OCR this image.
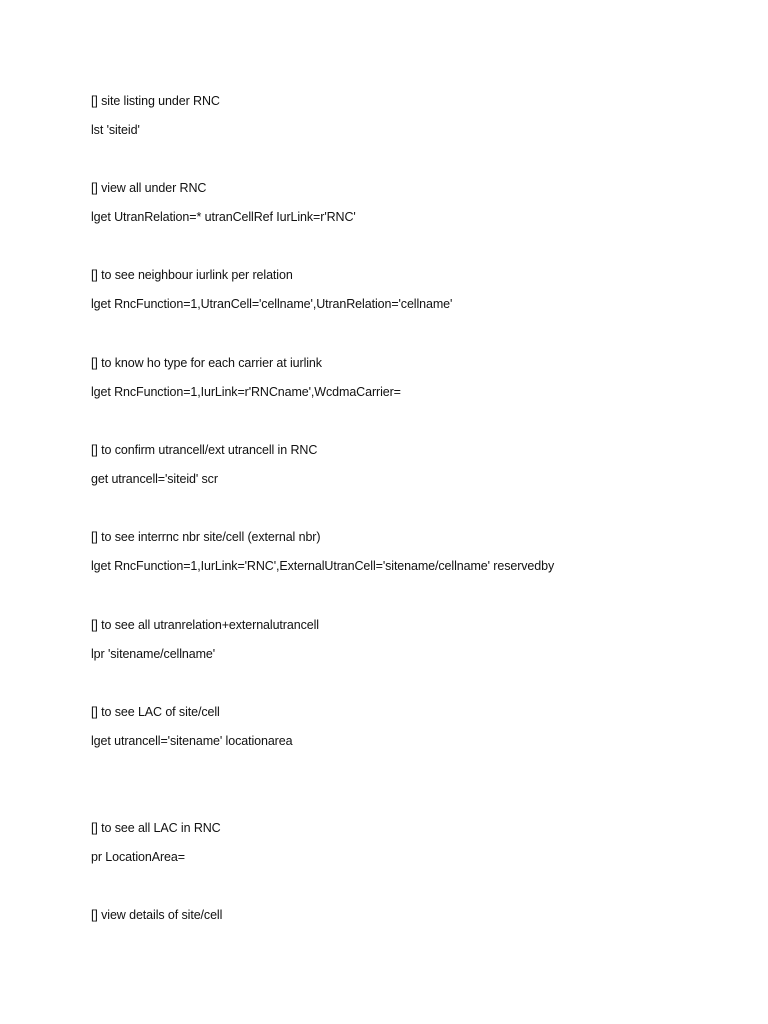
[] site listing under RNC
lst 'siteid'
[] view all under RNC
lget UtranRelation=* utranCellRef IurLink=r'RNC'
[] to see neighbour iurlink per relation
lget RncFunction=1,UtranCell='cellname',UtranRelation='cellname'
[] to know ho type for each carrier at iurlink
lget RncFunction=1,IurLink=r'RNCname',WcdmaCarrier=
[] to confirm utrancell/ext utrancell in RNC
get utrancell='siteid' scr
[] to see interrnc nbr site/cell (external nbr)
lget RncFunction=1,IurLink='RNC',ExternalUtranCell='sitename/cellname' reservedby
[] to see all utranrelation+externalutrancell
lpr 'sitename/cellname'
[] to see LAC of site/cell
lget utrancell='sitename' locationarea
[] to see all LAC in RNC
pr LocationArea=
[] view details of site/cell
